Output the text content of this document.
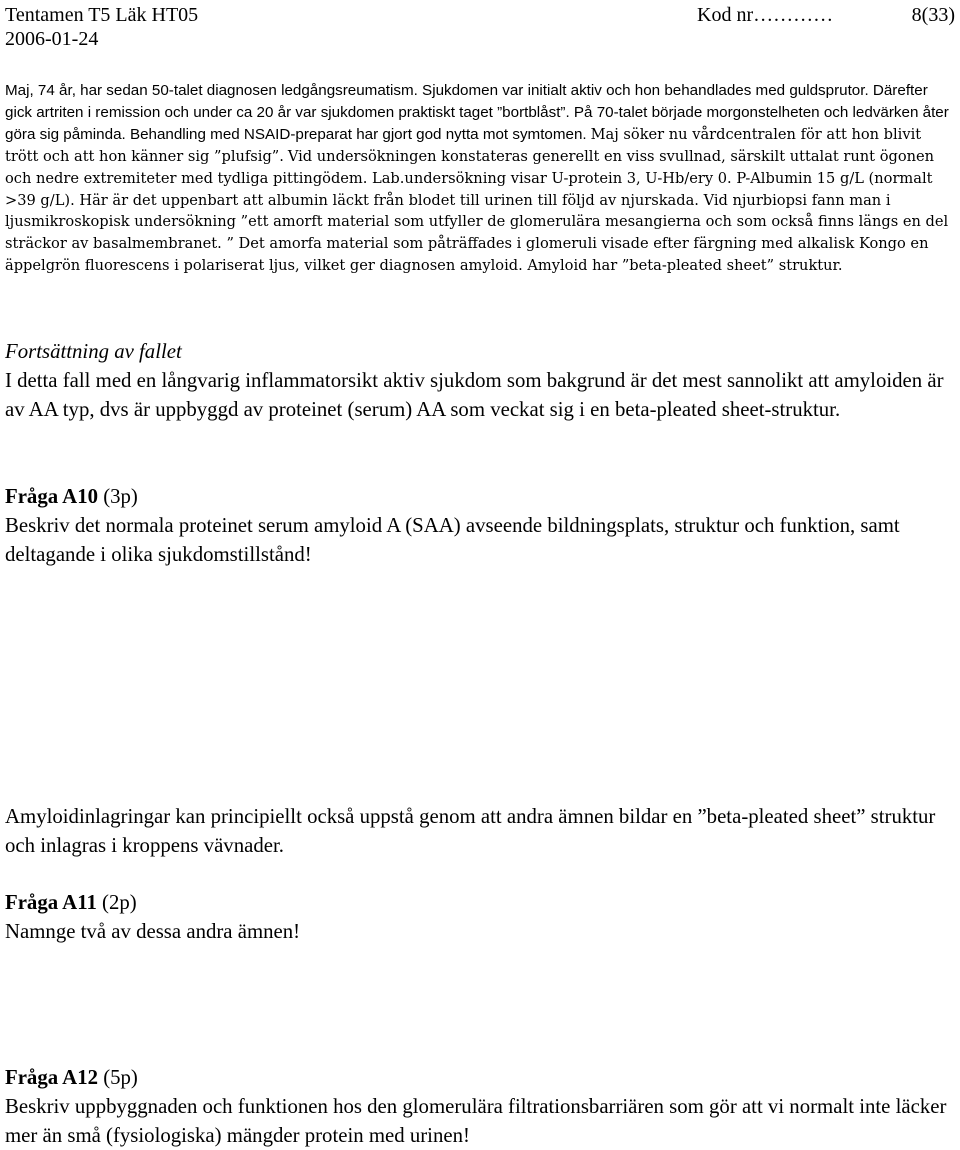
Tentamen T5 Läk HT05
2006-01-24
Kod nr…………	8(33)

Maj, 74 år, har sedan 50-talet diagnosen ledgångsreumatism. Sjukdomen var initialt aktiv och hon behandlades med guldsprutor. Därefter gick artriten i remission och under ca 20 år var sjukdomen praktiskt taget ”bortblåst”. På 70-talet började morgonstelheten och ledvärken åter göra sig påminda. Behandling med NSAID-preparat har gjort god nytta mot symtomen. Maj söker nu vårdcentralen för att hon blivit trött och att hon känner sig ”plufsig”. Vid undersökningen konstateras generellt en viss svullnad, särskilt uttalat runt ögonen och nedre extremiteter med tydliga pittingödem. Lab.undersökning visar U-protein 3, U-Hb/ery 0. P-Albumin 15 g/L (normalt >39 g/L). Här är det uppenbart att albumin läckt från blodet till urinen till följd av njurskada. Vid njurbiopsi fann man i ljusmikroskopisk undersökning ”ett amorft material som utfyller de glomerulära mesangierna och som också finns längs en del sträckor av basalmembranet. ” Det amorfa material som påträffades i glomeruli visade efter färgning med alkalisk Kongo en äppelgrön fluorescens i polariserat ljus, vilket ger diagnosen amyloid. Amyloid har ”beta-pleated sheet” struktur.

Fortsättning av fallet
I detta fall med en långvarig inflammatorsikt aktiv sjukdom som bakgrund är det mest sannolikt att amyloiden är av AA typ, dvs är uppbyggd av proteinet (serum) AA som veckat sig i en beta-pleated sheet-struktur.
Fråga A10 (3p)
Beskriv det normala proteinet serum amyloid A (SAA) avseende bildningsplats, struktur och funktion, samt deltagande i olika sjukdomstillstånd!
Amyloidinlagringar kan principiellt också uppstå genom att andra ämnen bildar en ”beta-pleated sheet” struktur och inlagras i kroppens vävnader.
Fråga A11 (2p)
Namnge två av dessa andra ämnen!
Fråga A12 (5p)
Beskriv uppbyggnaden och funktionen hos den glomerulära filtrationsbarriären som gör att vi normalt inte läcker mer än små (fysiologiska) mängder protein med urinen!
